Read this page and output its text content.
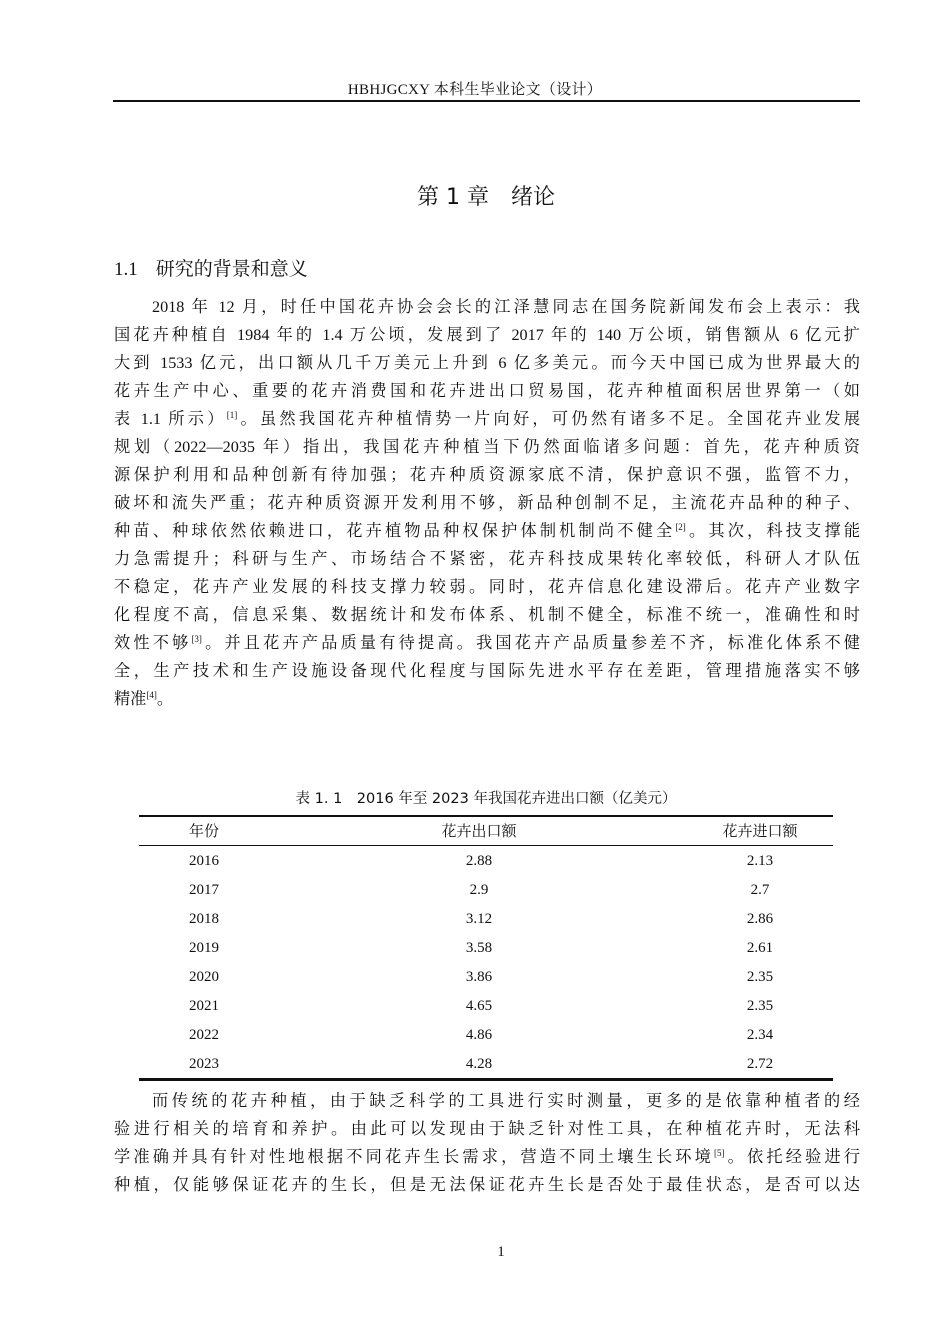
HBHJGCXY 本科生毕业论文（设计）
第 1 章　绪论
1.1 研究的背景和意义
2018 年 12 月，时任中国花卉协会会长的江泽慧同志在国务院新闻发布会上表示：我
国花卉种植自 1984 年的 1.4 万公顷，发展到了 2017 年的 140 万公顷，销售额从 6 亿元扩
大到 1533 亿元，出口额从几千万美元上升到 6 亿多美元。而今天中国已成为世界最大的
花卉生产中心、重要的花卉消费国和花卉进出口贸易国，花卉种植面积居世界第一（如
表 1.1 所示）[1]。虽然我国花卉种植情势一片向好，可仍然有诸多不足。全国花卉业发展
规划（2022—2035 年）指出，我国花卉种植当下仍然面临诸多问题：首先，花卉种质资
源保护利用和品种创新有待加强；花卉种质资源家底不清，保护意识不强，监管不力，
破坏和流失严重；花卉种质资源开发利用不够，新品种创制不足，主流花卉品种的种子、
种苗、种球依然依赖进口，花卉植物品种权保护体制机制尚不健全[2]。其次，科技支撑能
力急需提升；科研与生产、市场结合不紧密，花卉科技成果转化率较低，科研人才队伍
不稳定，花卉产业发展的科技支撑力较弱。同时，花卉信息化建设滞后。花卉产业数字
化程度不高，信息采集、数据统计和发布体系、机制不健全，标准不统一，准确性和时
效性不够[3]。并且花卉产品质量有待提高。我国花卉产品质量参差不齐，标准化体系不健
全，生产技术和生产设施设备现代化程度与国际先进水平存在差距，管理措施落实不够
精准[4]。
表 1. 1　2016 年至 2023 年我国花卉进出口额（亿美元）
年份	花卉出口额	花卉进口额
2016	2.88	2.13
2017	2.9	2.7
2018	3.12	2.86
2019	3.58	2.61
2020	3.86	2.35
2021	4.65	2.35
2022	4.86	2.34
2023	4.28	2.72
而传统的花卉种植，由于缺乏科学的工具进行实时测量，更多的是依靠种植者的经
验进行相关的培育和养护。由此可以发现由于缺乏针对性工具，在种植花卉时，无法科
学准确并具有针对性地根据不同花卉生长需求，营造不同土壤生长环境[5]。依托经验进行
种植，仅能够保证花卉的生长，但是无法保证花卉生长是否处于最佳状态，是否可以达
1
